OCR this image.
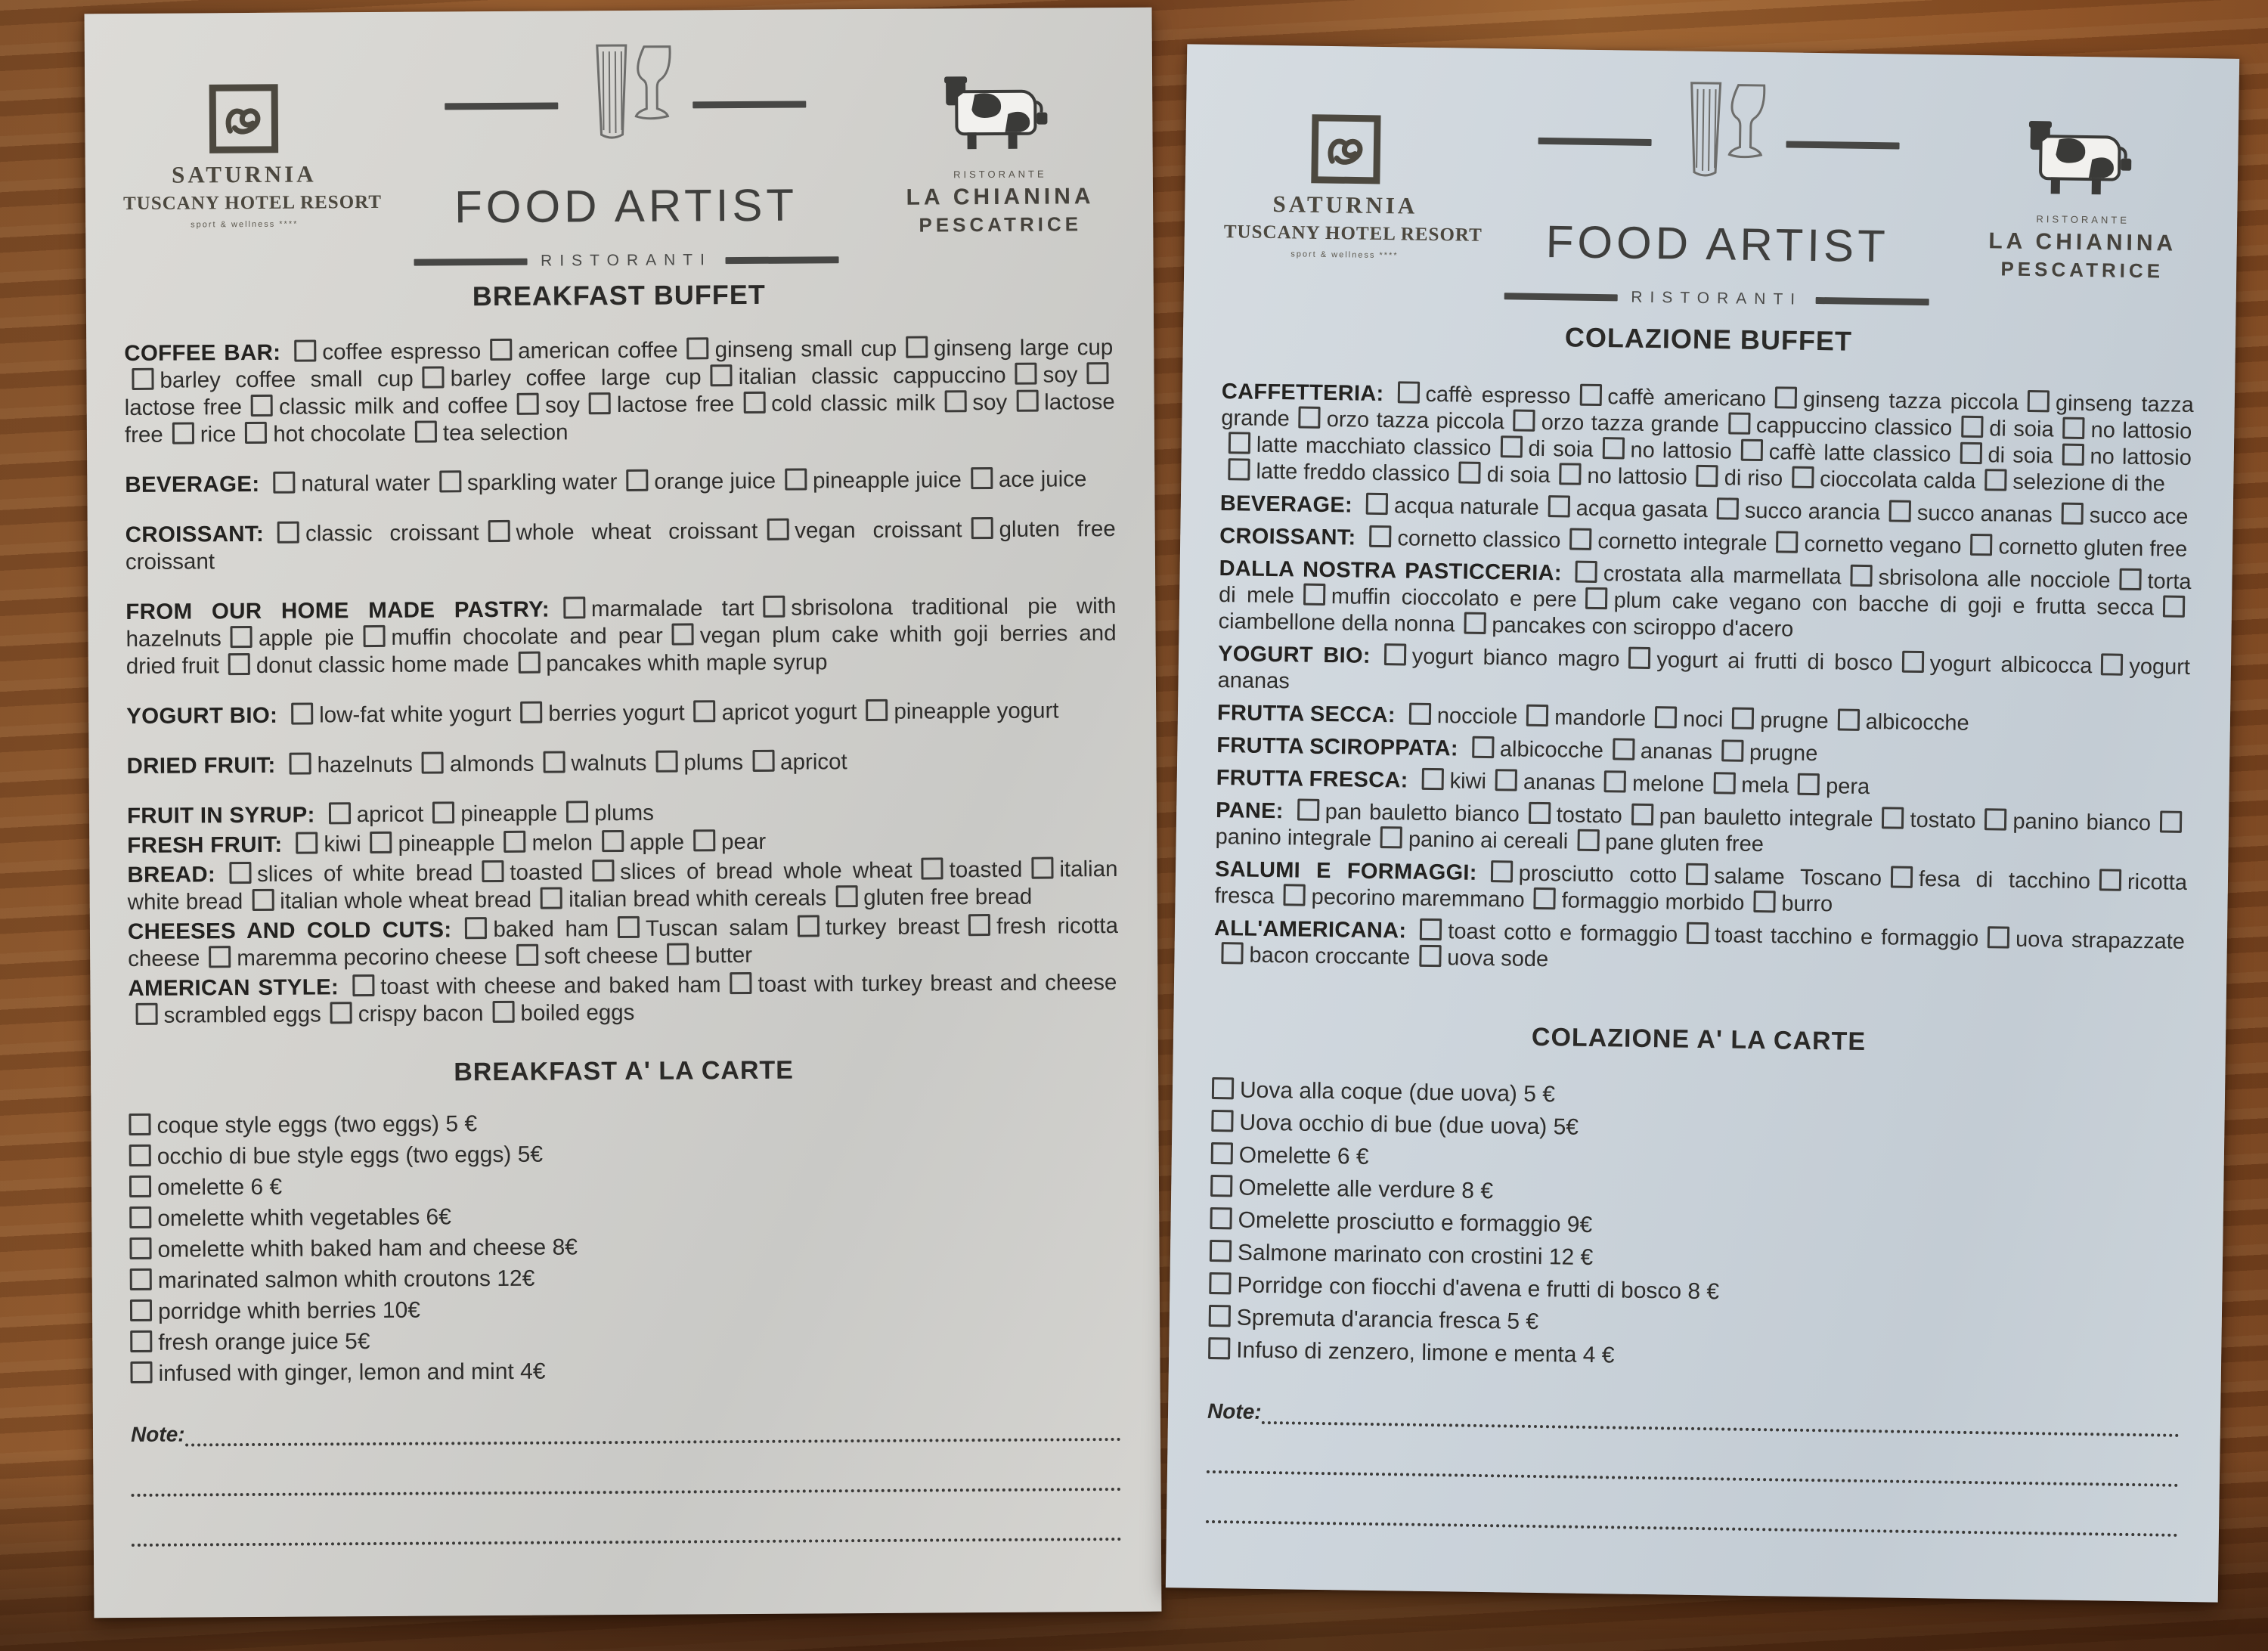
SATURNIA
TUSCANY HOTEL RESORT
sport & wellness ****	FOOD ARTIST
RISTORANTI
RISTORANTE
LA CHIANINA
PESCATRICE
BREAKFAST BUFFET

COFFEE BAR: coffee espresso american coffee ginseng small cup ginseng large cupbarley coffee small cup barley coffee large cup italian classic cappuccino soylactose free classic milk and coffee soy lactose free cold classic milk soy lactose free rice hot chocolate tea selection

BEVERAGE: natural water sparkling water orange juice pineapple juice ace juice

CROISSANT: classic croissant whole wheat croissant vegan croissant gluten free croissant

FROM OUR HOME MADE PASTRY: marmalade tart sbrisolona traditional pie with hazelnuts apple pie muffin chocolate and pear vegan plum cake whith goji berries and dried fruit donut classic home made pancakes whith maple syrup

YOGURT BIO: low-fat white yogurt berries yogurt apricot yogurt pineapple yogurt

DRIED FRUIT: hazelnuts almonds walnuts plums apricot

FRUIT IN SYRUP: apricot pineapple plums

FRESH FRUIT: kiwi pineapple melon apple pear

BREAD: slices of white bread toasted slices of bread whole wheat toasted italian white bread italian whole wheat bread italian bread whith cereals gluten free bread

CHEESES AND COLD CUTS: baked ham Tuscan salam turkey breast fresh ricotta cheese maremma pecorino cheese soft cheese butter

AMERICAN STYLE: toast with cheese and baked ham toast with turkey breast and cheesescrambled eggs crispy bacon boiled eggs

BREAKFAST A' LA CARTE
coque style eggs (two eggs) 5 €
occhio di bue style eggs (two eggs) 5€
omelette 6 €
omelette whith vegetables 6€
omelette whith baked ham and cheese 8€
marinated salmon whith croutons 12€
porridge whith berries 10€
fresh orange juice 5€
infused with ginger, lemon and mint 4€
Note:
SATURNIA
TUSCANY HOTEL RESORT
sport & wellness ****	FOOD ARTIST
RISTORANTI
RISTORANTE
LA CHIANINA
PESCATRICE
COLAZIONE BUFFET

CAFFETTERIA: caffè espresso caffè americano ginseng tazza piccola ginseng tazza grande orzo tazza piccola orzo tazza grande cappuccino classico di soia no lattosiolatte macchiato classico di soia no lattosio caffè latte classico di soia no lattosiolatte freddo classico di soia no lattosio di riso cioccolata calda selezione di the

BEVERAGE: acqua naturale acqua gasata succo arancia succo ananas succo ace

CROISSANT: cornetto classico cornetto integrale cornetto vegano cornetto gluten free

DALLA NOSTRA PASTICCERIA: crostata alla marmellata sbrisolona alle nocciole torta di mele muffin cioccolato e pere plum cake vegano con bacche di goji e frutta seccaciambellone della nonna pancakes con sciroppo d'acero

YOGURT BIO: yogurt bianco magro yogurt ai frutti di bosco yogurt albicocca yogurt ananas

FRUTTA SECCA: nocciole mandorle noci prugne albicocche

FRUTTA SCIROPPATA: albicocche ananas prugne

FRUTTA FRESCA: kiwi ananas melone mela pera

PANE: pan bauletto bianco tostato pan bauletto integrale tostato panino biancopanino integrale panino ai cereali pane gluten free

SALUMI E FORMAGGI: prosciutto cotto salame Toscano fesa di tacchino ricotta fresca pecorino maremmano formaggio morbido burro

ALL'AMERICANA: toast cotto e formaggio toast tacchino e formaggio uova strapazzatebacon croccante uova sode

COLAZIONE A' LA CARTE
Uova alla coque (due uova) 5 €
Uova occhio di bue (due uova) 5€
Omelette 6 €
Omelette alle verdure 8 €
Omelette prosciutto e formaggio 9€
Salmone marinato con crostini 12 €
Porridge con fiocchi d'avena e frutti di bosco 8 €
Spremuta d'arancia fresca 5 €
Infuso di zenzero, limone e menta 4 €
Note:
